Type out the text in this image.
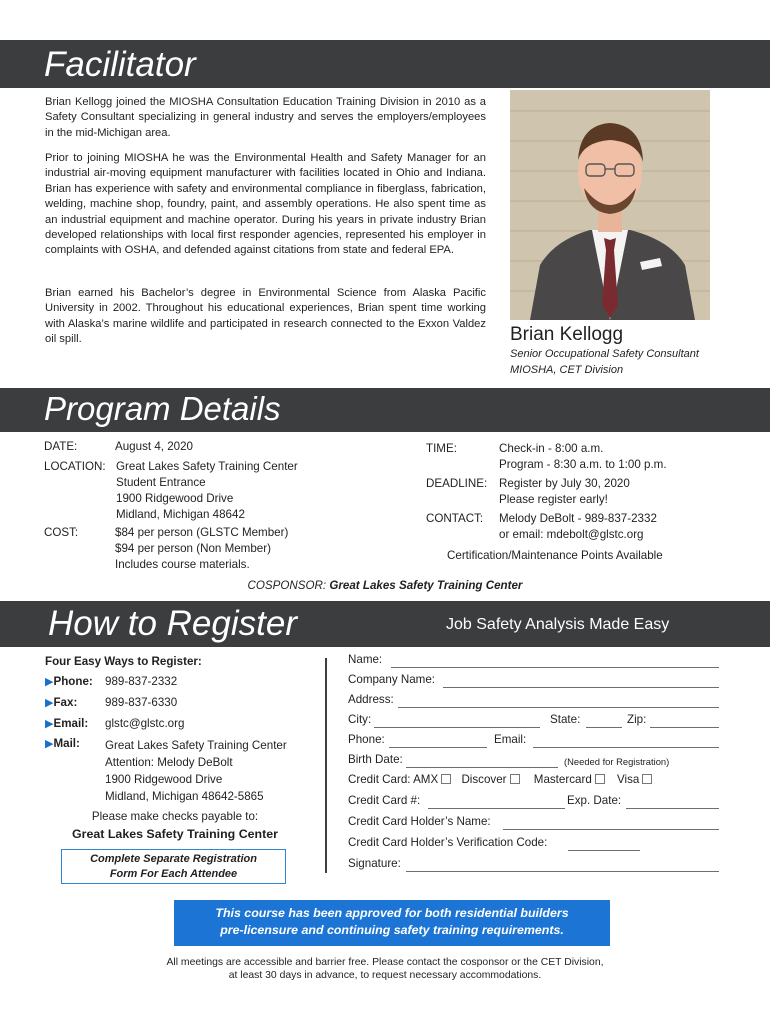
Facilitator

Brian Kellogg joined the MIOSHA Consultation Education Training Division in 2010 as a Safety Consultant specializing in general industry and serves the employers/employees in the mid-Michigan area.

Prior to joining MIOSHA he was the Environmental Health and Safety Manager for an industrial air-moving equipment manufacturer with facilities located in Ohio and Indiana. Brian has experience with safety and environmental compliance in fiberglass, fabrication, welding, machine shop, foundry, paint, and assembly operations. He also spent time as an industrial equipment and machine operator. During his years in private industry Brian developed relationships with local first responder agencies, represented his employer in complaints with OSHA, and defended against citations from state and federal EPA.

Brian earned his Bachelor’s degree in Environmental Science from Alaska Pacific University in 2002. Throughout his educational experiences, Brian spent time working with Alaska’s marine wildlife and participated in research connected to the Exxon Valdez oil spill.	Brian Kellogg
Senior Occupational Safety Consultant
MIOSHA, CET Division
Program Details
DATE:	August 4, 2020
LOCATION: Great Lakes Safety Training Center
Student Entrance
1900 Ridgewood Drive
Midland, Michigan 48642
COST:	$84 per person (GLSTC Member)
$94 per person (Non Member)
Includes course materials.
TIME:	Check-in - 8:00 a.m.
Program - 8:30 a.m. to 1:00 p.m.
DEADLINE: Register by July 30, 2020
Please register early!
CONTACT: Melody DeBolt - 989-837-2332
or email: mdebolt@glstc.org
Certification/Maintenance Points Available
COSPONSOR: Great Lakes Safety Training Center
How to Register	Job Safety Analysis Made Easy
Four Easy Ways to Register:
▶Phone: 989-837-2332
▶Fax: 989-837-6330
▶Email: glstc@glstc.org
▶Mail: Great Lakes Safety Training Center
Attention: Melody DeBolt
1900 Ridgewood Drive
Midland, Michigan 48642-5865
Please make checks payable to:
Great Lakes Safety Training Center
Complete Separate Registration
Form For Each Attendee
Name:
Company Name:
Address:
City:	State:	Zip:
Phone:	Email:
Birth Date:	(Needed for Registration)
Credit Card: AMX Discover Mastercard Visa
Credit Card #:	Exp. Date:
Credit Card Holder’s Name:
Credit Card Holder’s Verification Code:
Signature:
This course has been approved for both residential builders
pre-licensure and continuing safety training requirements.
All meetings are accessible and barrier free. Please contact the cosponsor or the CET Division,
at least 30 days in advance, to request necessary accommodations.
